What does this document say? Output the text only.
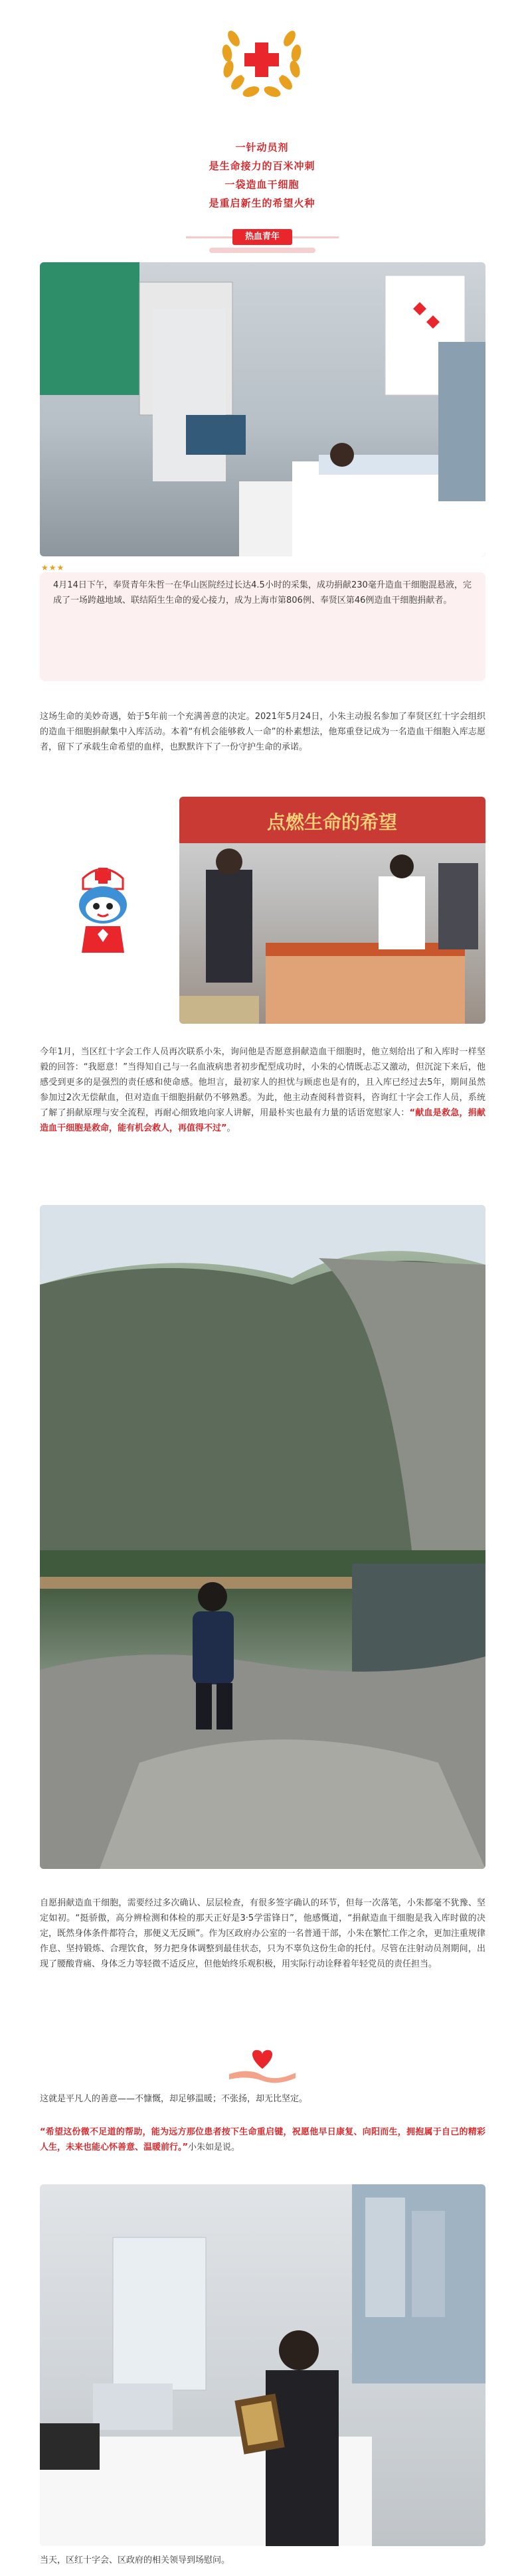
一针动员剂
是生命接力的百米冲刺
一袋造血干细胞
是重启新生的希望火种
热血青年
★★★
4月14日下午，奉贤青年朱哲一在华山医院经过长达4.5小时的采集，成功捐献230毫升造血干细胞混悬液，完成了一场跨越地域、联结陌生生命的爱心接力，成为上海市第806例、奉贤区第46例造血干细胞捐献者。
这场生命的美妙奇遇，始于5年前一个充满善意的决定。2021年5月24日，小朱主动报名参加了奉贤区红十字会组织的造血干细胞捐献集中入库活动。本着“有机会能够救人一命”的朴素想法，他郑重登记成为一名造血干细胞入库志愿者，留下了承载生命希望的血样，也默默许下了一份守护生命的承诺。
点燃生命的希望
今年1月，当区红十字会工作人员再次联系小朱，询问他是否愿意捐献造血干细胞时，他立刻给出了和入库时一样坚毅的回答：“我愿意！”当得知自己与一名血液病患者初步配型成功时，小朱的心情既忐忑又激动，但沉淀下来后，他感受到更多的是强烈的责任感和使命感。他坦言，最初家人的担忧与顾虑也是有的，且入库已经过去5年，期间虽然参加过2次无偿献血，但对造血干细胞捐献仍不够熟悉。为此，他主动查阅科普资料，咨询红十字会工作人员，系统了解了捐献原理与安全流程，再耐心细致地向家人讲解，用最朴实也最有力量的话语宽慰家人：“献血是救急，捐献造血干细胞是救命，能有机会救人，再值得不过”。
自愿捐献造血干细胞，需要经过多次确认、层层检查，有很多签字确认的环节，但每一次落笔，小朱都毫不犹豫、坚定如初。“挺骄傲，高分辨检测和体检的那天正好是3·5学雷锋日”，他感慨道，“捐献造血干细胞是我入库时做的决定，既然身体条件都符合，那便义无反顾”。作为区政府办公室的一名普通干部，小朱在繁忙工作之余，更加注重规律作息、坚持锻炼、合理饮食，努力把身体调整到最佳状态，只为不辜负这份生命的托付。尽管在注射动员剂期间，出现了腰酸背痛、身体乏力等轻微不适反应，但他始终乐观积极，用实际行动诠释着年轻党员的责任担当。
这就是平凡人的善意——不慷慨，却足够温暖；不张扬，却无比坚定。
“希望这份微不足道的帮助，能为远方那位患者按下生命重启键，祝愿他早日康复、向阳而生，拥抱属于自己的精彩人生，未来也能心怀善意、温暖前行。”小朱如是说。
当天，区红十字会、区政府的相关领导到场慰问。
